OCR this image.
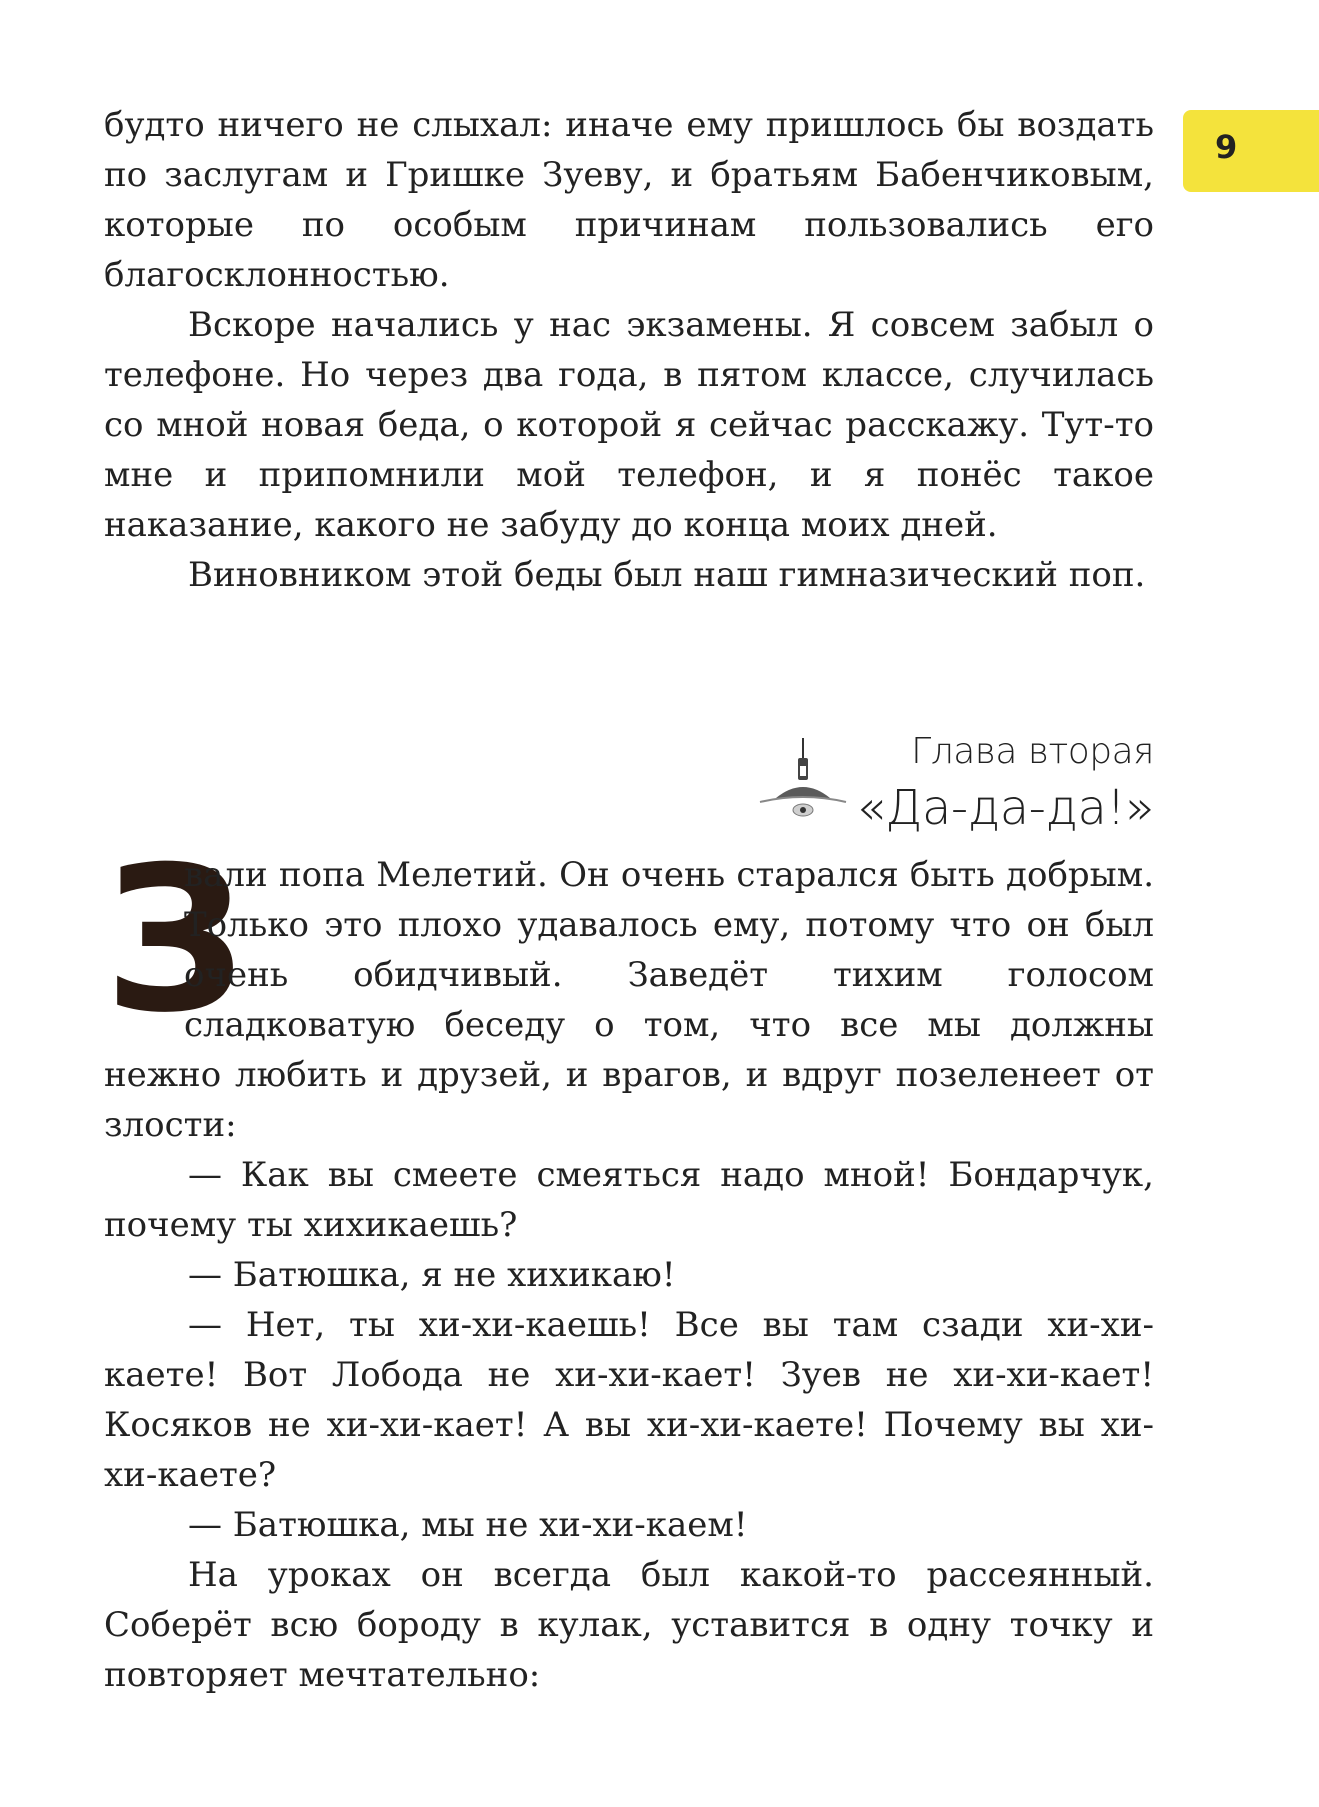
9

будто ничего не слыхал: иначе ему пришлось бы воздать по заслугам и Гришке Зуеву, и братьям Бабенчиковым, которые по особым причинам пользовались его благосклонностью.

Вскоре начались у нас экзамены. Я совсем забыл о телефоне. Но через два года, в пятом классе, случилась со мной новая беда, о которой я сейчас расскажу. Тут-то мне и припомнили мой телефон, и я понёс такое наказание, какого не забуду до конца моих дней.

Виновником этой беды был наш гимназический поп.

Глава вторая
«Да-да-да!»

З
вали попа Мелетий. Он очень старался быть добрым. Только это плохо удавалось ему, потому что он был очень обидчивый. Заведёт тихим голосом сладковатую беседу о том, что все мы должны нежно любить и друзей, и врагов, и вдруг позеленеет от злости:

— Как вы смеете смеяться надо мной! Бондарчук, почему ты хихикаешь?

— Батюшка, я не хихикаю!

— Нет, ты хи-хи-каешь! Все вы там сзади хи-хи-каете! Вот Лобода не хи-хи-кает! Зуев не хи-хи-кает! Косяков не хи-хи-кает! А вы хи-хи-каете! Почему вы хи-хи-каете?

— Батюшка, мы не хи-хи-каем!

На уроках он всегда был какой-то рассеянный. Соберёт всю бороду в кулак, уставится в одну точку и повторяет мечтательно:
